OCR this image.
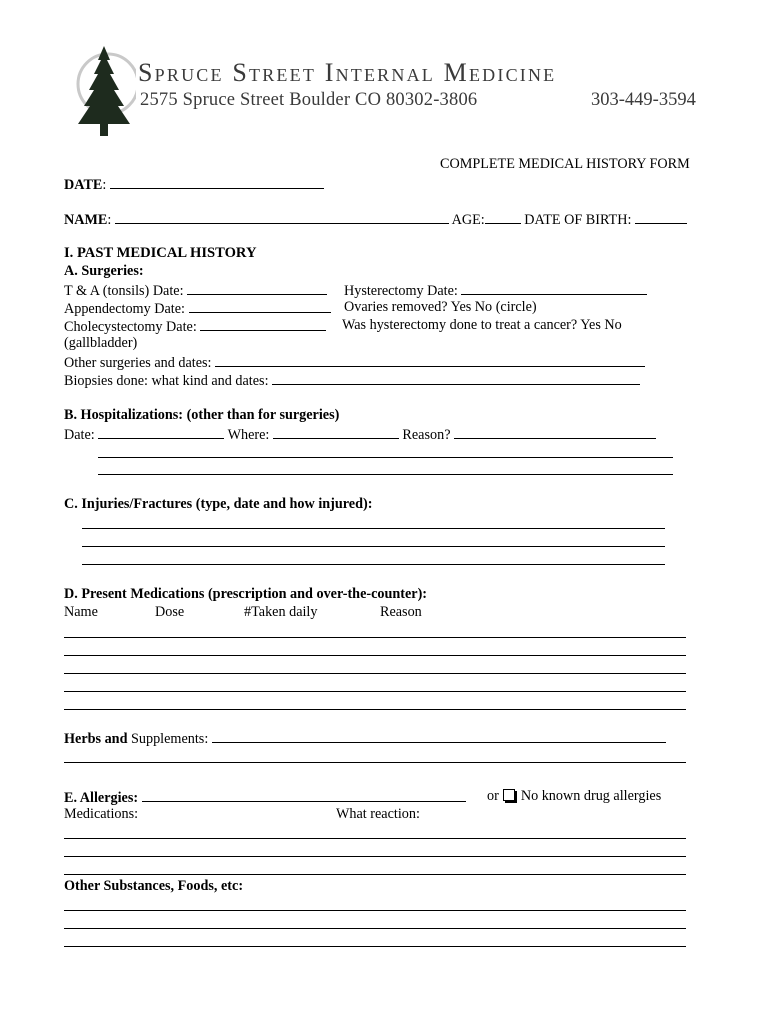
Spruce Street Internal Medicine
2575 Spruce Street Boulder CO 80302-3806	303-449-3594
COMPLETE MEDICAL HISTORY FORM
DATE:
NAME:	AGE:	DATE OF BIRTH:
I. PAST MEDICAL HISTORY
A. Surgeries:
T & A (tonsils) Date:	Hysterectomy Date:
Appendectomy Date:	Ovaries removed? Yes No (circle)
Cholecystectomy Date:	Was hysterectomy done to treat a cancer? Yes No
(gallbladder)
Other surgeries and dates:
Biopsies done: what kind and dates:
B. Hospitalizations: (other than for surgeries)
Date:	Where:	Reason?
C. Injuries/Fractures (type, date and how injured):
D. Present Medications (prescription and over-the-counter):
Name	Dose	#Taken daily	Reason
Herbs and Supplements:
E. Allergies:	or No known drug allergies
Medications:	What reaction:
Other Substances, Foods, etc:
